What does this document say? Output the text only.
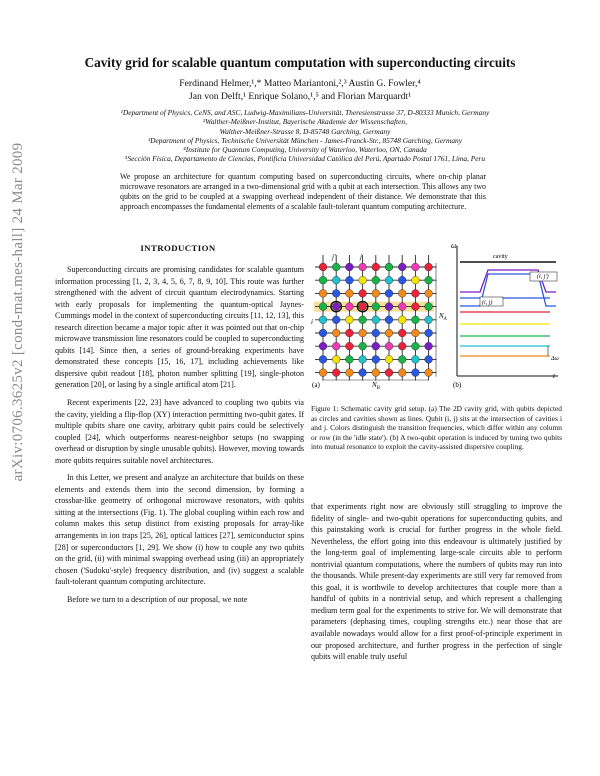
arXiv:0706.3625v2 [cond-mat.mes-hall] 24 Mar 2009
Cavity grid for scalable quantum computation with superconducting circuits
Ferdinand Helmer,¹,* Matteo Mariantoni,²,³ Austin G. Fowler,⁴
Jan von Delft,¹ Enrique Solano,¹,⁵ and Florian Marquardt¹
¹Department of Physics, CeNS, and ASC, Ludwig-Maximilians-Universität, Theresienstrasse 37, D-80333 Munich, Germany
²Walther-Meißner-Institut, Bayerische Akademie der Wissenschaften,
Walther-Meißner-Strasse 8, D-85748 Garching, Germany
³Department of Physics, Technische Universität München - James-Franck-Str., 85748 Garching, Germany
⁴Institute for Quantum Computing, University of Waterloo, Waterloo, ON, Canada
⁵Sección Física, Departamento de Ciencias, Pontificia Universidad Católica del Perú, Apartado Postal 1761, Lima, Peru
We propose an architecture for quantum computing based on superconducting circuits, where on-chip planar microwave resonators are arranged in a two-dimensional grid with a qubit at each intersection. This allows any two qubits on the grid to be coupled at a swapping overhead independent of their distance. We demonstrate that this approach encompasses the fundamental elements of a scalable fault-tolerant quantum computing architecture.
INTRODUCTION

Superconducting circuits are promising candidates for scalable quantum information processing [1, 2, 3, 4, 5, 6, 7, 8, 9, 10]. This route was further strengthened with the advent of circuit quantum electrodynamics. Starting with early proposals for implementing the quantum-optical Jaynes-Cummings model in the context of superconducting circuits [11, 12, 13], this research direction became a major topic after it was pointed out that on-chip microwave transmission line resonators could be coupled to superconducting qubits [14]. Since then, a series of ground-breaking experiments have demonstrated these concepts [15, 16, 17], including achievements like dispersive qubit readout [18], photon number splitting [19], single-photon generation [20], or lasing by a single artifical atom [21].

Recent experiments [22, 23] have advanced to coupling two qubits via the cavity, yielding a flip-flop (XY) interaction permitting two-qubit gates. If multiple qubits share one cavity, arbitrary qubit pairs could be selectively coupled [24], which outperforms nearest-neighbor setups (no swapping overhead or disruption by single unusable qubits). However, moving towards more qubits requires suitable novel architectures.

In this Letter, we present and analyze an architecture that builds on these elements and extends them into the second dimension, by forming a crossbar-like geometry of orthogonal microwave resonators, with qubits sitting at the intersections (Fig. 1). The global coupling within each row and column makes this setup distinct from existing proposals for array-like arrangements in ion traps [25, 26], optical lattices [27], semiconductor spins [28] or superconductors [1, 29]. We show (i) how to couple any two qubits on the grid, (ii) with minimal swapping overhead using (iii) an appropriately chosen ('Sudoku'-style) frequency distribution, and (iv) suggest a scalable fault-tolerant quantum computing architecture.

Before we turn to a description of our proposal, we note

(a)
j′	j
i
$N_A$
$N_B$	(b)
ω
cavity
(i, j′)
(i, j)
Δω
t
Figure 1: Schematic cavity grid setup. (a) The 2D cavity grid, with qubits depicted as circles and cavities shown as lines. Qubit (i, j) sits at the intersection of cavities i and j. Colors distinguish the transition frequencies, which differ within any column or row (in the 'idle state'). (b) A two-qubit operation is induced by tuning two qubits into mutual resonance to exploit the cavity-assisted dispersive coupling.

that experiments right now are obviously still struggling to improve the fidelity of single- and two-qubit operations for superconducting qubits, and this painstaking work is crucial for further progress in the whole field. Nevertheless, the effort going into this endeavour is ultimately justified by the long-term goal of implementing large-scale circuits able to perform nontrivial quantum computations, where the numbers of qubits may run into the thousands. While present-day experiments are still very far removed from this goal, it is worthwile to develop architectures that couple more than a handful of qubits in a nontrivial setup, and which represent a challenging medium term goal for the experiments to strive for. We will demonstrate that parameters (dephasing times, coupling strengths etc.) near those that are available nowadays would allow for a first proof-of-principle experiment in our proposed architecture, and further progress in the perfection of single qubits will enable truly useful
